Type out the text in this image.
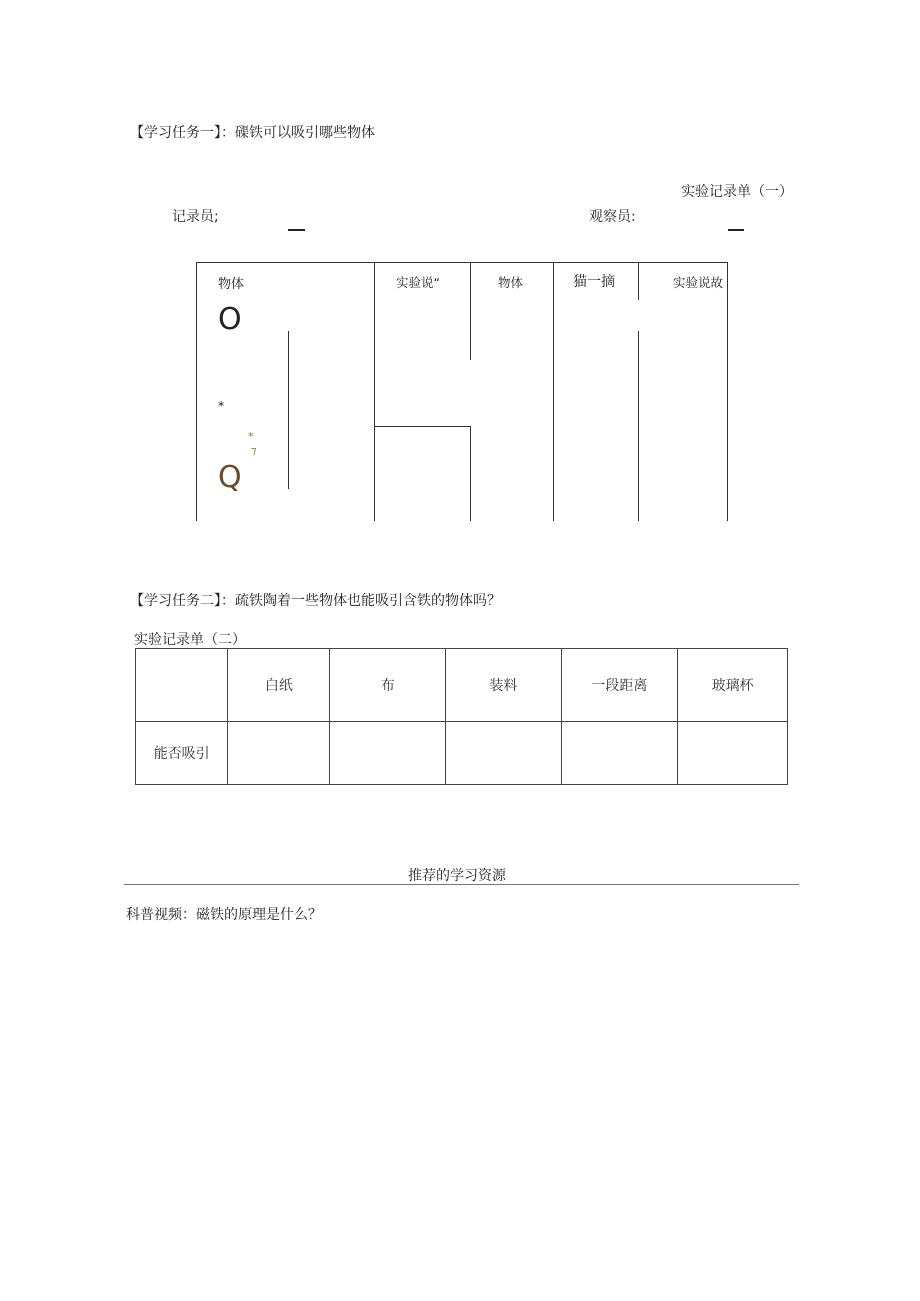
【学习任务一】：磲铁可以吸引哪些物体
实验记录单（一）
记录员;	观察员:
物体	实验说“	物体	猫一摘	实验说故
O
*
*
⁊
Q
【学习任务二】：疏铁陶着一些物体也能吸引含铁的物体吗？
实验记录单（二）
	白纸	布	装料	一段距离	玻璃杯
能否吸引					
推荐的学习资源
科普视频：磁铁的原理是什么？
